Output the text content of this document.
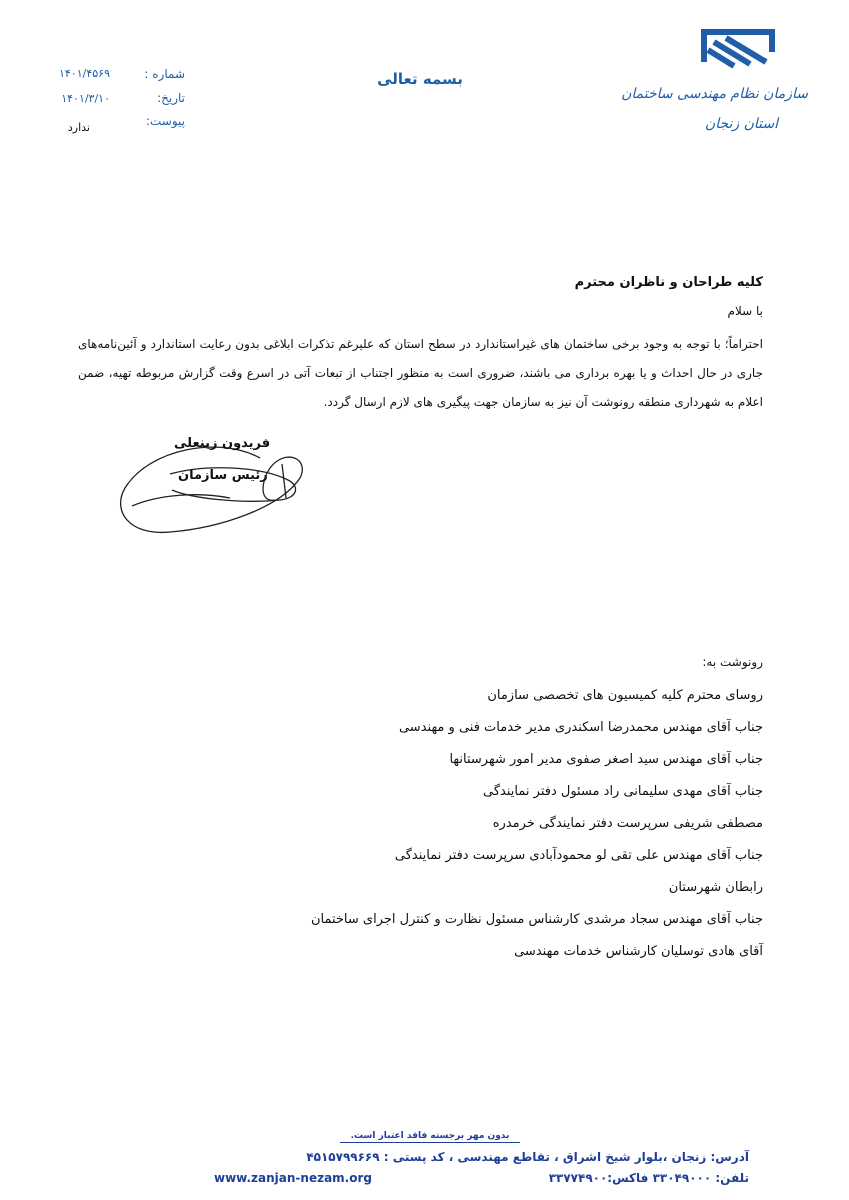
سازمان نظام مهندسی ساختمان
استان زنجان
بسمه تعالی
شماره :
۱۴۰۱/۴۵۶۹
تاریخ:
۱۴۰۱/۳/۱۰
پیوست:
ندارد
کلیه طراحان و ناظران محترم
با سلام
احتراماً؛ با توجه به وجود برخی ساختمان های غیراستاندارد در سطح استان که علیرغم تذکرات ابلاغی بدون رعایت استاندارد و آئین‌نامه‌های جاری در حال احداث و یا بهره برداری می باشند، ضروری است به منظور اجتناب از تبعات آتی در اسرع وقت گزارش مربوطه تهیه، ضمن اعلام به شهرداری منطقه رونوشت آن نیز به سازمان جهت پیگیری های لازم ارسال گردد.
فریدون زینعلی
رئیس سازمان
رونوشت به:
روسای محترم کلیه کمیسیون های تخصصی سازمان
جناب آقای مهندس محمدرضا اسکندری مدیر خدمات فنی و مهندسی
جناب آقای مهندس سید اصغر صفوی مدیر امور شهرستانها
جناب آقای مهدی سلیمانی راد مسئول دفتر نمایندگی
مصطفی شریفی سرپرست دفتر نمایندگی خرمدره
جناب آقای مهندس علی تقی لو محمودآبادی سرپرست دفتر نمایندگی
رابطان شهرستان
جناب آقای مهندس سجاد مرشدی کارشناس مسئول نظارت و کنترل اجرای ساختمان
آقای هادی توسلیان کارشناس خدمات مهندسی
بدون مهر برجسته فاقد اعتبار است.
آدرس: زنجان ،بلوار شیخ اشراق ، تقاطع مهندسی ، کد پستی : ۴۵۱۵۷۹۹۶۶۹
تلفن: ۳۳۰۴۹۰۰۰ فاکس:۳۳۷۷۴۹۰۰
www.zanjan-nezam.org
